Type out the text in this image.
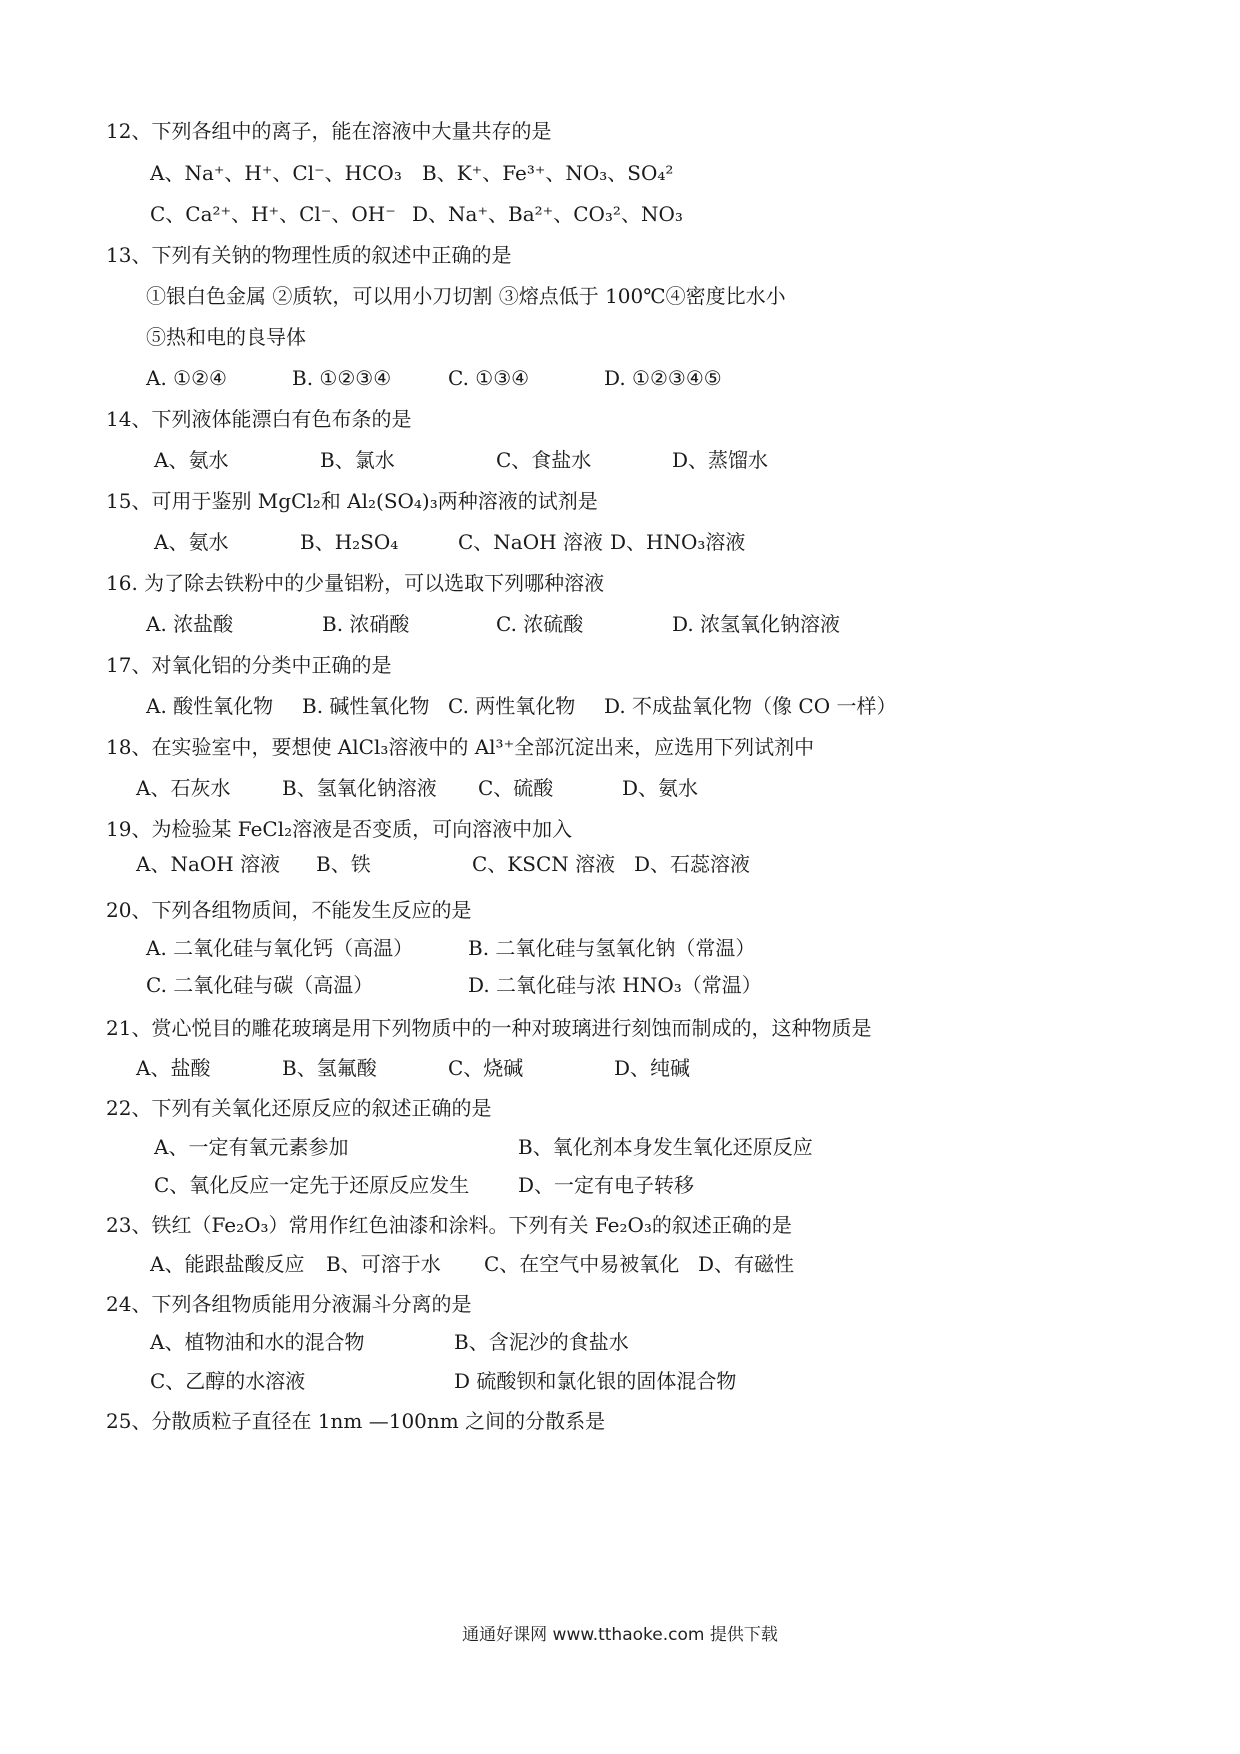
12、下列各组中的离子，能在溶液中大量共存的是
A、Na⁺、H⁺、Cl⁻、HCO₃ B、K⁺、Fe³⁺、NO₃、SO₄²
C、Ca²⁺、H⁺、Cl⁻、OH⁻ D、Na⁺、Ba²⁺、CO₃²、NO₃
13、下列有关钠的物理性质的叙述中正确的是
①银白色金属 ②质软，可以用小刀切割 ③熔点低于 100℃④密度比水小
⑤热和电的良导体
A. ①②④	B. ①②③④	C. ①③④	D. ①②③④⑤
14、下列液体能漂白有色布条的是
A、氨水	B、氯水	C、食盐水	D、蒸馏水
15、可用于鉴别 MgCl₂和 Al₂(SO₄)₃两种溶液的试剂是
A、氨水	B、H₂SO₄	C、NaOH 溶液 D、HNO₃溶液
16. 为了除去铁粉中的少量铝粉，可以选取下列哪种溶液
A. 浓盐酸	B. 浓硝酸	C. 浓硫酸	D. 浓氢氧化钠溶液
17、对氧化铝的分类中正确的是
A. 酸性氧化物 B. 碱性氧化物 C. 两性氧化物 D. 不成盐氧化物（像 CO 一样）
18、在实验室中，要想使 AlCl₃溶液中的 Al³⁺全部沉淀出来，应选用下列试剂中
A、石灰水	B、氢氧化钠溶液 C、硫酸	D、氨水
19、为检验某 FeCl₂溶液是否变质，可向溶液中加入
A、NaOH 溶液 B、铁	C、KSCN 溶液 D、石蕊溶液
20、下列各组物质间，不能发生反应的是
A. 二氧化硅与氧化钙（高温）	B. 二氧化硅与氢氧化钠（常温）
C. 二氧化硅与碳（高温）	D. 二氧化硅与浓 HNO₃（常温）
21、赏心悦目的雕花玻璃是用下列物质中的一种对玻璃进行刻蚀而制成的，这种物质是
A、盐酸	B、氢氟酸	C、烧碱	D、纯碱
22、下列有关氧化还原反应的叙述正确的是
A、一定有氧元素参加	B、氧化剂本身发生氧化还原反应
C、氧化反应一定先于还原反应发生 D、一定有电子转移
23、铁红（Fe₂O₃）常用作红色油漆和涂料。下列有关 Fe₂O₃的叙述正确的是
A、能跟盐酸反应 B、可溶于水 C、在空气中易被氧化 D、有磁性
24、下列各组物质能用分液漏斗分离的是
A、植物油和水的混合物	B、含泥沙的食盐水
C、乙醇的水溶液	D 硫酸钡和氯化银的固体混合物
25、分散质粒子直径在 1nm —100nm 之间的分散系是
通通好课网 www.tthaoke.com 提供下载
